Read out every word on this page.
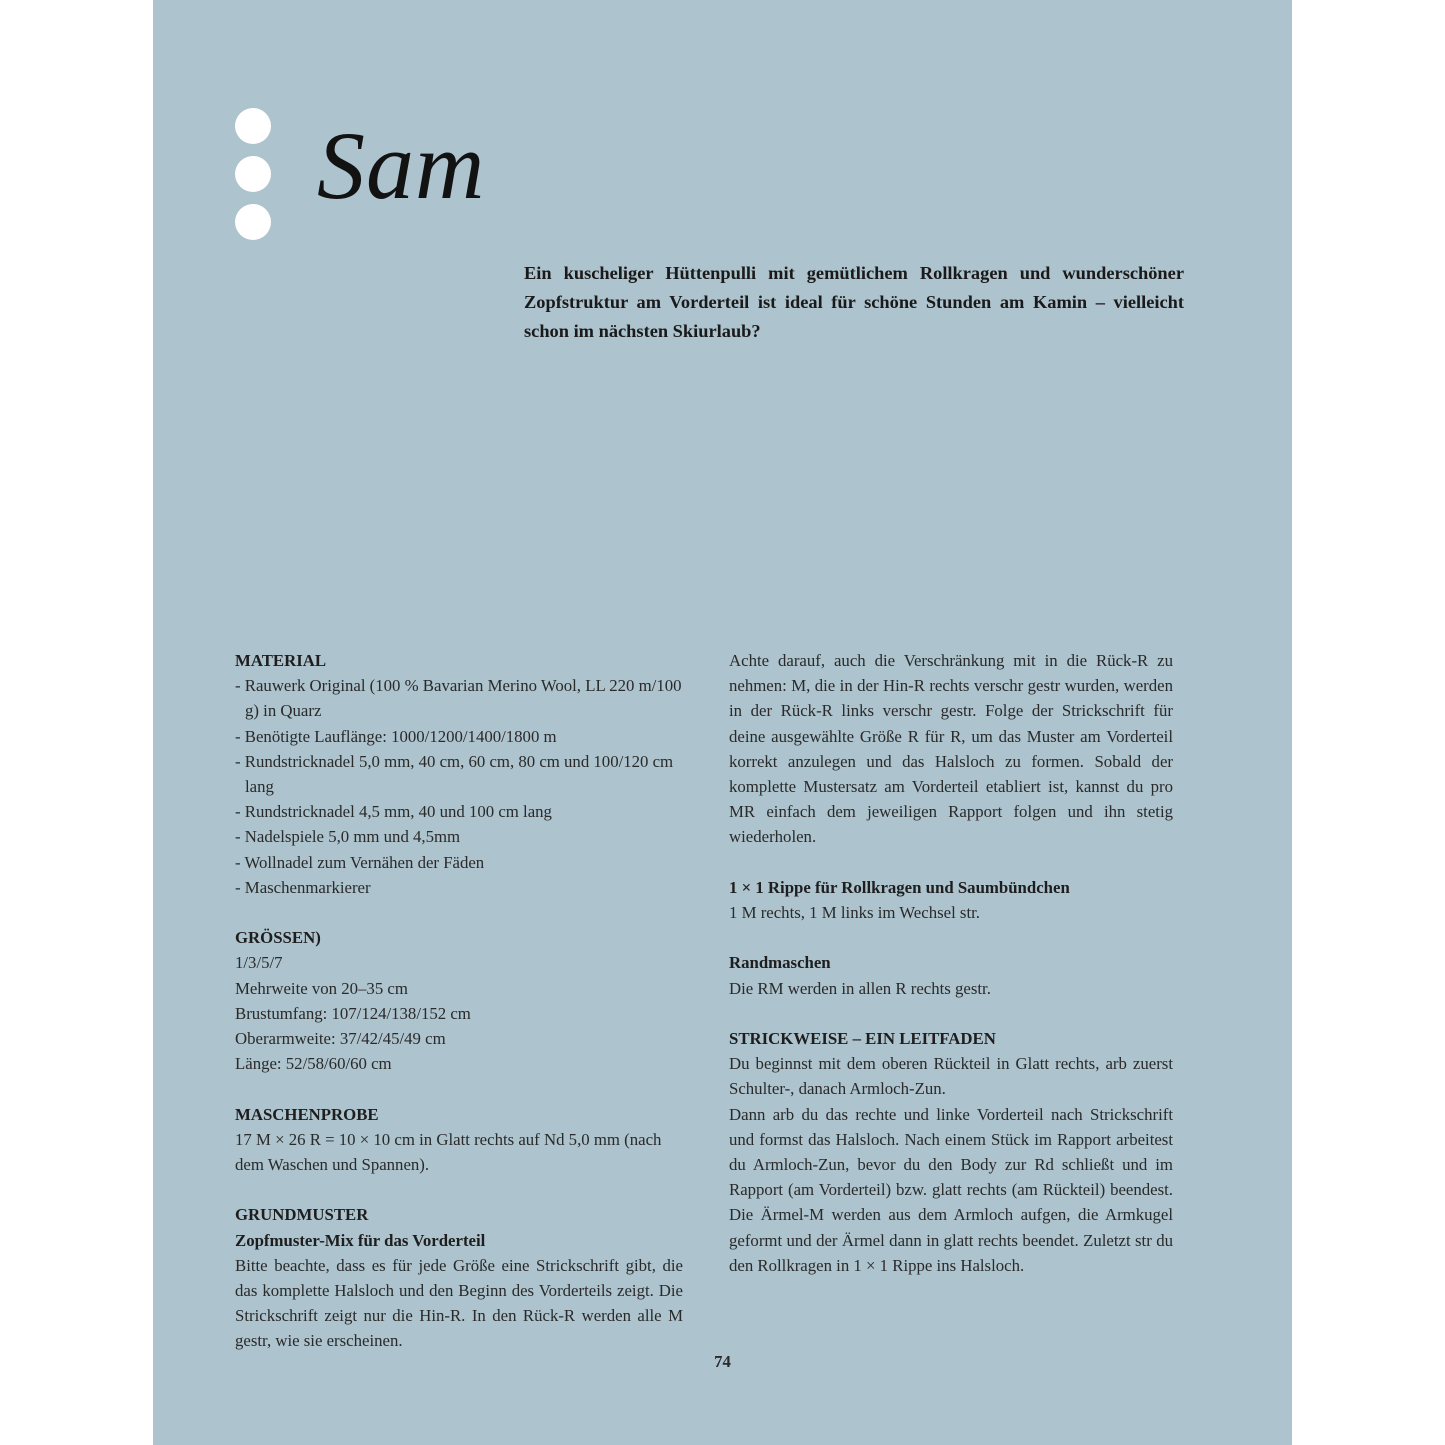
Sam

Ein kuscheliger Hüttenpulli mit gemütlichem Rollkragen und wunderschöner Zopfstruktur am Vorderteil ist ideal für schöne Stunden am Kamin – vielleicht schon im nächsten Skiurlaub?

MATERIAL
- Rauwerk Original (100 % Bavarian Merino Wool, LL 220 m/100 g) in Quarz
- Benötigte Lauflänge: 1000/1200/1400/1800 m
- Rundstricknadel 5,0 mm, 40 cm, 60 cm, 80 cm und 100/120 cm lang
- Rundstricknadel 4,5 mm, 40 und 100 cm lang
- Nadelspiele 5,0 mm und 4,5mm
- Wollnadel zum Vernähen der Fäden
- Maschenmarkierer
GRÖSSEN)

1/3/5/7

Mehrweite von 20–35 cm

Brustumfang: 107/124/138/152 cm

Oberarmweite: 37/42/45/49 cm

Länge: 52/58/60/60 cm

MASCHENPROBE

17 M × 26 R = 10 × 10 cm in Glatt rechts auf Nd 5,0 mm (nach dem Waschen und Spannen).

GRUNDMUSTER
Zopfmuster-Mix für das Vorderteil

Bitte beachte, dass es für jede Größe eine Strickschrift gibt, die das komplette Halsloch und den Beginn des Vorderteils zeigt. Die Strickschrift zeigt nur die Hin-R. In den Rück-R werden alle M gestr, wie sie erscheinen.

Achte darauf, auch die Verschränkung mit in die Rück-R zu nehmen: M, die in der Hin-R rechts verschr gestr wurden, werden in der Rück-R links verschr gestr. Folge der Strickschrift für deine ausgewählte Größe R für R, um das Muster am Vorderteil korrekt anzulegen und das Halsloch zu formen. Sobald der komplette Mustersatz am Vorderteil etabliert ist, kannst du pro MR einfach dem jeweiligen Rapport folgen und ihn stetig wiederholen.

1 × 1 Rippe für Rollkragen und Saumbündchen

1 M rechts, 1 M links im Wechsel str.

Randmaschen

Die RM werden in allen R rechts gestr.

STRICKWEISE – EIN LEITFADEN

Du beginnst mit dem oberen Rückteil in Glatt rechts, arb zuerst Schulter-, danach Armloch-Zun.

Dann arb du das rechte und linke Vorderteil nach Strickschrift und formst das Halsloch. Nach einem Stück im Rapport arbeitest du Armloch-Zun, bevor du den Body zur Rd schließt und im Rapport (am Vorderteil) bzw. glatt rechts (am Rückteil) beendest. Die Ärmel-M werden aus dem Armloch aufgen, die Armkugel geformt und der Ärmel dann in glatt rechts beendet. Zuletzt str du den Rollkragen in 1 × 1 Rippe ins Halsloch.

74
